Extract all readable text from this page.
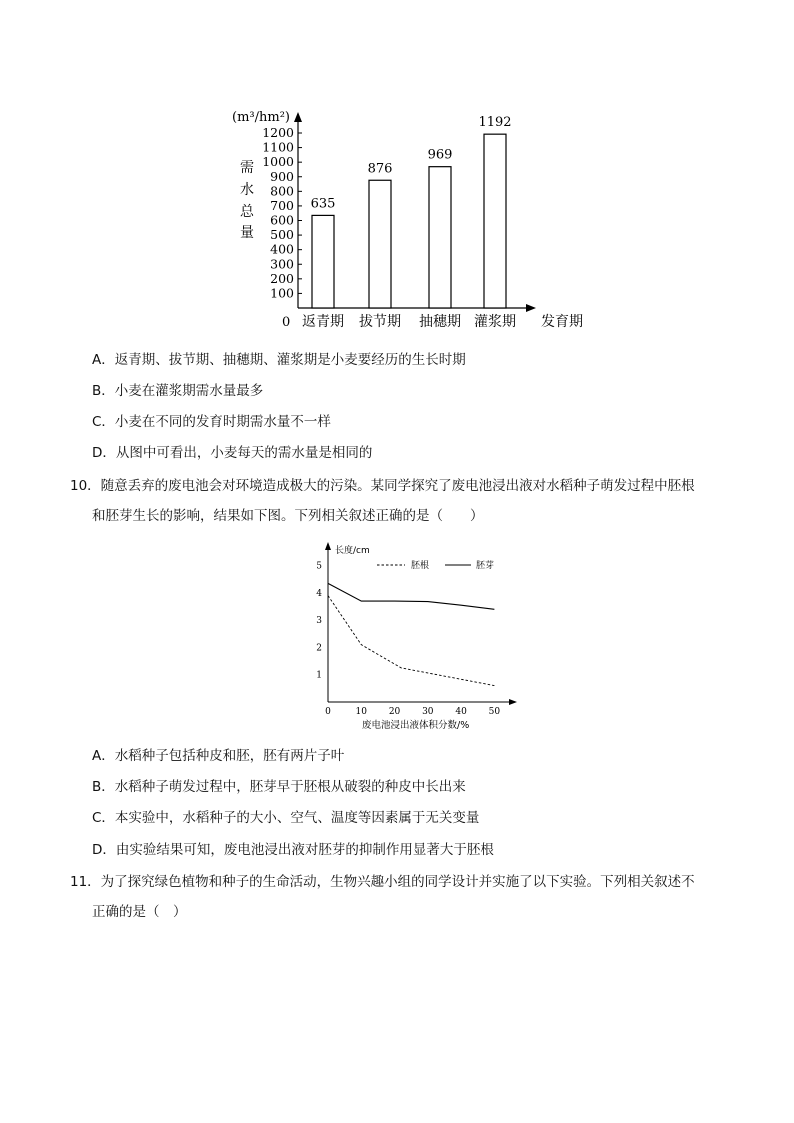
(m³/hm²)
需
水
总
量
0
100
200
300
400
500
600
700
800
900
1000
1100
1200
635
876
969
1192
返青期 拔节期 抽穗期 灌浆期 发育期
A．返青期、拔节期、抽穗期、灌浆期是小麦要经历的生长时期
B．小麦在灌浆期需水量最多
C．小麦在不同的发育时期需水量不一样
D．从图中可看出，小麦每天的需水量是相同的
10．随意丢弃的废电池会对环境造成极大的污染。某同学探究了废电池浸出液对水稻种子萌发过程中胚根
和胚芽生长的影响，结果如下图。下列相关叙述正确的是（　　）
长度/cm
胚根	胚芽
1
2
3
4
5
0	10 20 30 40 50
废电池浸出液体积分数/%
A．水稻种子包括种皮和胚，胚有两片子叶
B．水稻种子萌发过程中，胚芽早于胚根从破裂的种皮中长出来
C．本实验中，水稻种子的大小、空气、温度等因素属于无关变量
D．由实验结果可知，废电池浸出液对胚芽的抑制作用显著大于胚根
11．为了探究绿色植物和种子的生命活动，生物兴趣小组的同学设计并实施了以下实验。下列相关叙述不
正确的是（　）
